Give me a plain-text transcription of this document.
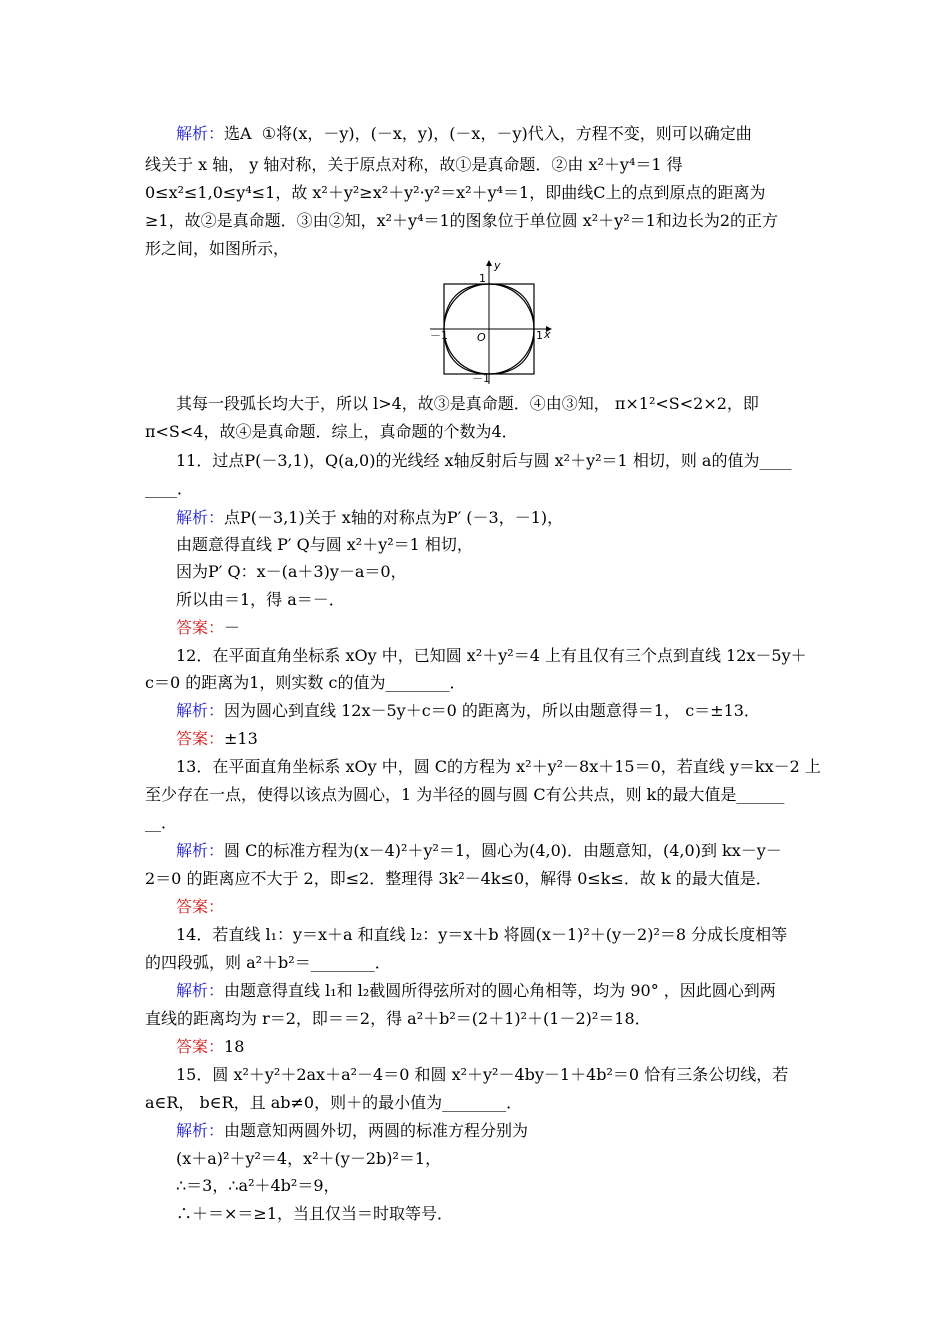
解析：选A ①将(x，－y)，(－x，y)，(－x，－y)代入，方程不变，则可以确定曲
线关于 x 轴， y 轴对称，关于原点对称，故①是真命题．②由 x²＋y⁴＝1 得
0≤x²≤1,0≤y⁴≤1，故 x²＋y²≥x²＋y²·y²＝x²＋y⁴＝1，即曲线C上的点到原点的距离为
≥1，故②是真命题．③由②知，x²＋y⁴＝1的图象位于单位圆 x²＋y²＝1和边长为2的正方
形之间，如图所示，
y
x
1
－1
－1	1
O
其每一段弧长均大于，所以 l>4，故③是真命题．④由③知， π×1²<S<2×2，即
π<S<4，故④是真命题．综上，真命题的个数为4．
11．过点P(－3,1)，Q(a,0)的光线经 x轴反射后与圆 x²＋y²＝1 相切，则 a的值为____
____．
解析：点P(－3,1)关于 x轴的对称点为P′ (－3，－1)，
由题意得直线 P′ Q与圆 x²＋y²＝1 相切，
因为P′ Q：x－(a＋3)y－a＝0，
所以由＝1，得 a＝－．
答案：－
12．在平面直角坐标系 xOy 中，已知圆 x²＋y²＝4 上有且仅有三个点到直线 12x－5y＋
c＝0 的距离为1，则实数 c的值为________．
解析：因为圆心到直线 12x－5y＋c＝0 的距离为，所以由题意得＝1， c＝±13．
答案：±13
13．在平面直角坐标系 xOy 中，圆 C的方程为 x²＋y²－8x＋15＝0，若直线 y＝kx－2 上
至少存在一点，使得以该点为圆心，1 为半径的圆与圆 C有公共点，则 k的最大值是______
__．
解析：圆 C的标准方程为(x－4)²＋y²＝1，圆心为(4,0)．由题意知，(4,0)到 kx－y－
2＝0 的距离应不大于 2，即≤2．整理得 3k²－4k≤0，解得 0≤k≤．故 k 的最大值是．
答案：
14．若直线 l₁：y＝x＋a 和直线 l₂：y＝x＋b 将圆(x－1)²＋(y－2)²＝8 分成长度相等
的四段弧，则 a²＋b²＝________．
解析：由题意得直线 l₁和 l₂截圆所得弦所对的圆心角相等，均为 90° ，因此圆心到两
直线的距离均为 r＝2，即＝＝2，得 a²＋b²＝(2＋1)²＋(1－2)²＝18．
答案：18
15．圆 x²＋y²＋2ax＋a²－4＝0 和圆 x²＋y²－4by－1＋4b²＝0 恰有三条公切线，若
a∈R， b∈R，且 ab≠0，则＋的最小值为________．
解析：由题意知两圆外切，两圆的标准方程分别为
(x＋a)²＋y²＝4，x²＋(y－2b)²＝1，
∴＝3，∴a²＋4b²＝9，
∴＋＝×＝≥1，当且仅当＝时取等号．
